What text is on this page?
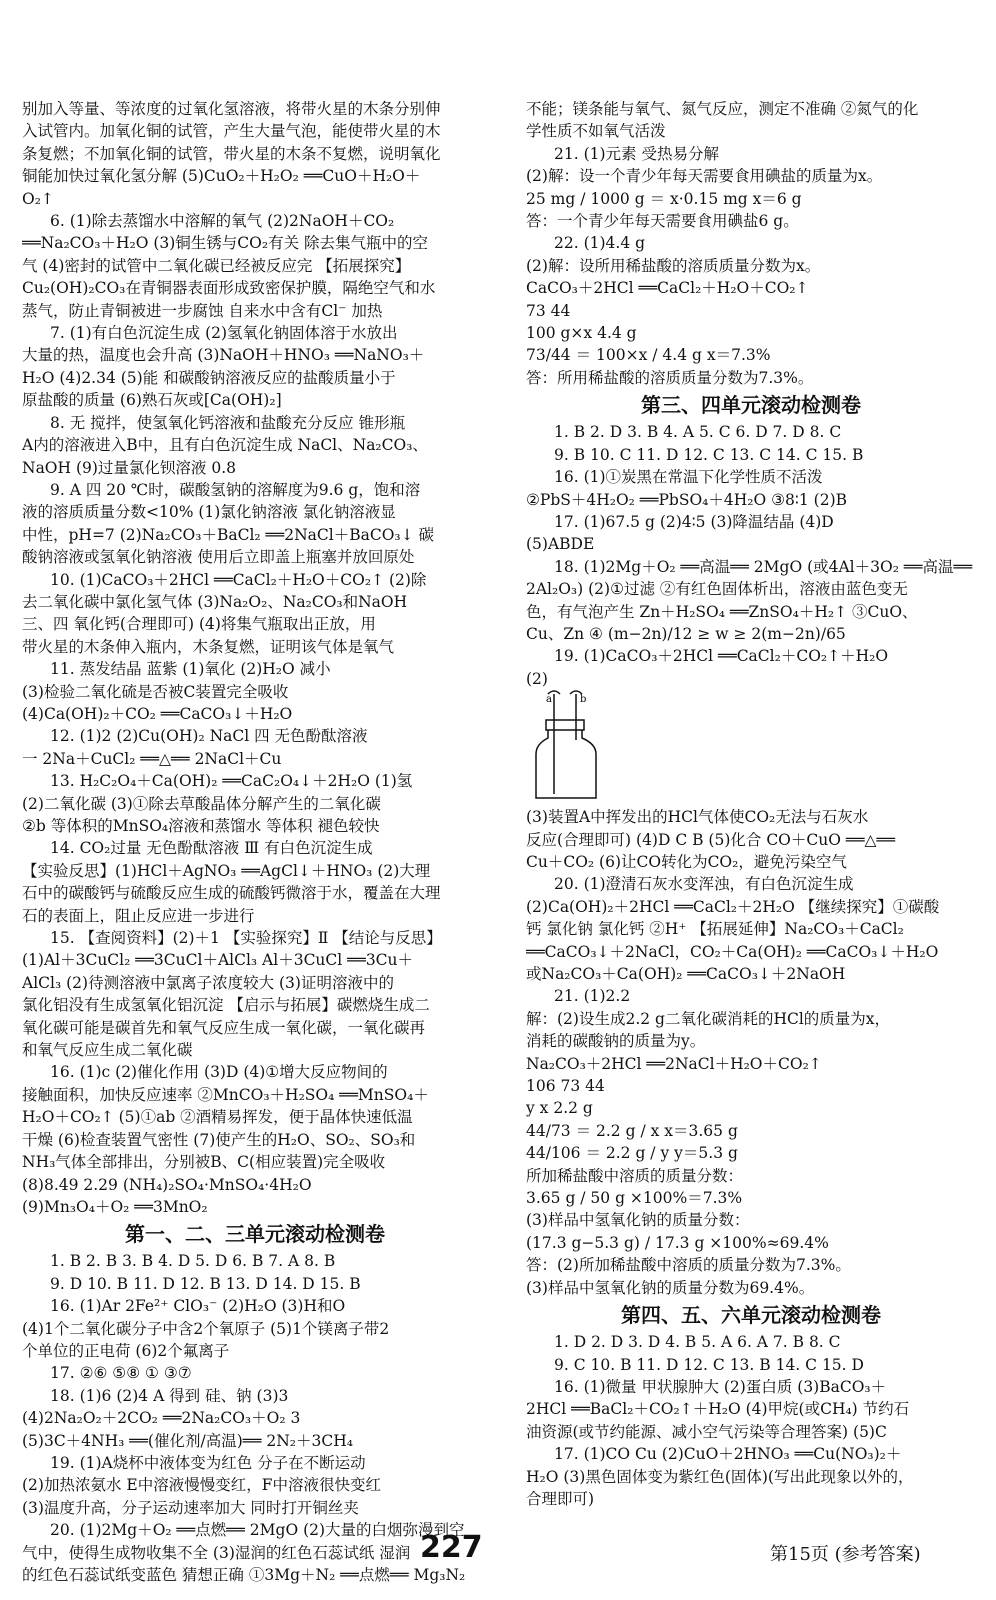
别加入等量、等浓度的过氧化氢溶液，将带火星的木条分别伸
入试管内。加氧化铜的试管，产生大量气泡，能使带火星的木
条复燃；不加氧化铜的试管，带火星的木条不复燃，说明氧化
铜能加快过氧化氢分解 (5)CuO₂＋H₂O₂ ══CuO＋H₂O＋
O₂↑
6. (1)除去蒸馏水中溶解的氧气 (2)2NaOH＋CO₂
══Na₂CO₃＋H₂O (3)铜生锈与CO₂有关 除去集气瓶中的空
气 (4)密封的试管中二氧化碳已经被反应完 【拓展探究】
Cu₂(OH)₂CO₃在青铜器表面形成致密保护膜，隔绝空气和水
蒸气，防止青铜被进一步腐蚀 自来水中含有Cl⁻ 加热
7. (1)有白色沉淀生成 (2)氢氧化钠固体溶于水放出
大量的热，温度也会升高 (3)NaOH＋HNO₃ ══NaNO₃＋
H₂O (4)2.34 (5)能 和碳酸钠溶液反应的盐酸质量小于
原盐酸的质量 (6)熟石灰或[Ca(OH)₂]
8. 无 搅拌，使氢氧化钙溶液和盐酸充分反应 锥形瓶
A内的溶液进入B中，且有白色沉淀生成 NaCl、Na₂CO₃、
NaOH (9)过量氯化钡溶液 0.8
9. A 四 20 ℃时，碳酸氢钠的溶解度为9.6 g，饱和溶
液的溶质质量分数<10% (1)氯化钠溶液 氯化钠溶液显
中性，pH=7 (2)Na₂CO₃＋BaCl₂ ══2NaCl＋BaCO₃↓ 碳
酸钠溶液或氢氧化钠溶液 使用后立即盖上瓶塞并放回原处
10. (1)CaCO₃＋2HCl ══CaCl₂＋H₂O＋CO₂↑ (2)除
去二氧化碳中氯化氢气体 (3)Na₂O₂、Na₂CO₃和NaOH
三、四 氧化钙(合理即可) (4)将集气瓶取出正放，用
带火星的木条伸入瓶内，木条复燃，证明该气体是氧气
11. 蒸发结晶 蓝紫 (1)氧化 (2)H₂O 减小
(3)检验二氧化硫是否被C装置完全吸收
(4)Ca(OH)₂＋CO₂ ══CaCO₃↓＋H₂O
12. (1)2 (2)Cu(OH)₂ NaCl 四 无色酚酞溶液
一 2Na＋CuCl₂ ══△══ 2NaCl＋Cu
13. H₂C₂O₄＋Ca(OH)₂ ══CaC₂O₄↓＋2H₂O (1)氢
(2)二氧化碳 (3)①除去草酸晶体分解产生的二氧化碳
②b 等体积的MnSO₄溶液和蒸馏水 等体积 褪色较快
14. CO₂过量 无色酚酞溶液 Ⅲ 有白色沉淀生成
【实验反思】(1)HCl＋AgNO₃ ══AgCl↓＋HNO₃ (2)大理
石中的碳酸钙与硫酸反应生成的硫酸钙微溶于水，覆盖在大理
石的表面上，阻止反应进一步进行
15. 【查阅资料】(2)＋1 【实验探究】Ⅱ 【结论与反思】
(1)Al＋3CuCl₂ ══3CuCl＋AlCl₃ Al＋3CuCl ══3Cu＋
AlCl₃ (2)待测溶液中氯离子浓度较大 (3)证明溶液中的
氯化铝没有生成氢氧化铝沉淀 【启示与拓展】碳燃烧生成二
氧化碳可能是碳首先和氧气反应生成一氧化碳，一氧化碳再
和氧气反应生成二氧化碳
16. (1)c (2)催化作用 (3)D (4)①增大反应物间的
接触面积，加快反应速率 ②MnCO₃＋H₂SO₄ ══MnSO₄＋
H₂O＋CO₂↑ (5)①ab ②酒精易挥发，便于晶体快速低温
干燥 (6)检查装置气密性 (7)使产生的H₂O、SO₂、SO₃和
NH₃气体全部排出，分别被B、C(相应装置)完全吸收
(8)8.49 2.29 (NH₄)₂SO₄·MnSO₄·4H₂O
(9)Mn₃O₄＋O₂ ══3MnO₂
第一、二、三单元滚动检测卷
1. B 2. B 3. B 4. D 5. D 6. B 7. A 8. B
9. D 10. B 11. D 12. B 13. D 14. D 15. B
16. (1)Ar 2Fe²⁺ ClO₃⁻ (2)H₂O (3)H和O
(4)1个二氧化碳分子中含2个氧原子 (5)1个镁离子带2
个单位的正电荷 (6)2个氟离子
17. ②⑥ ⑤⑧ ① ③⑦
18. (1)6 (2)4 A 得到 硅、钠 (3)3
(4)2Na₂O₂＋2CO₂ ══2Na₂CO₃＋O₂ 3
(5)3C＋4NH₃ ══(催化剂/高温)══ 2N₂＋3CH₄
19. (1)A烧杯中液体变为红色 分子在不断运动
(2)加热浓氨水 E中溶液慢慢变红，F中溶液很快变红
(3)温度升高，分子运动速率加大 同时打开铜丝夹
20. (1)2Mg＋O₂ ══点燃══ 2MgO (2)大量的白烟弥漫到空
气中，使得生成物收集不全 (3)湿润的红色石蕊试纸 湿润
的红色石蕊试纸变蓝色 猜想正确 ①3Mg＋N₂ ══点燃══ Mg₃N₂
不能；镁条能与氧气、氮气反应，测定不准确 ②氮气的化
学性质不如氧气活泼
21. (1)元素 受热易分解
(2)解：设一个青少年每天需要食用碘盐的质量为x。
25 mg / 1000 g ＝ x·0.15 mg x＝6 g
答：一个青少年每天需要食用碘盐6 g。
22. (1)4.4 g
(2)解：设所用稀盐酸的溶质质量分数为x。
CaCO₃＋2HCl ══CaCl₂＋H₂O＋CO₂↑
73 44
100 g×x 4.4 g
73/44 ＝ 100×x / 4.4 g x＝7.3%
答：所用稀盐酸的溶质质量分数为7.3%。
第三、四单元滚动检测卷
1. B 2. D 3. B 4. A 5. C 6. D 7. D 8. C
9. B 10. C 11. D 12. C 13. C 14. C 15. B
16. (1)①炭黑在常温下化学性质不活泼
②PbS＋4H₂O₂ ══PbSO₄＋4H₂O ③8∶1 (2)B
17. (1)67.5 g (2)4∶5 (3)降温结晶 (4)D
(5)ABDE
18. (1)2Mg＋O₂ ══高温══ 2MgO (或4Al＋3O₂ ══高温══
2Al₂O₃) (2)①过滤 ②有红色固体析出，溶液由蓝色变无
色，有气泡产生 Zn＋H₂SO₄ ══ZnSO₄＋H₂↑ ③CuO、
Cu、Zn ④ (m−2n)/12 ≥ w ≥ 2(m−2n)/65
19. (1)CaCO₃＋2HCl ══CaCl₂＋CO₂↑＋H₂O
(2)
a	b
(3)装置A中挥发出的HCl气体使CO₂无法与石灰水
反应(合理即可) (4)D C B (5)化合 CO＋CuO ══△══
Cu＋CO₂ (6)让CO转化为CO₂，避免污染空气
20. (1)澄清石灰水变浑浊，有白色沉淀生成
(2)Ca(OH)₂＋2HCl ══CaCl₂＋2H₂O 【继续探究】①碳酸
钙 氯化钠 氯化钙 ②H⁺ 【拓展延伸】Na₂CO₃＋CaCl₂
══CaCO₃↓＋2NaCl，CO₂＋Ca(OH)₂ ══CaCO₃↓＋H₂O
或Na₂CO₃＋Ca(OH)₂ ══CaCO₃↓＋2NaOH
21. (1)2.2
解：(2)设生成2.2 g二氧化碳消耗的HCl的质量为x，
消耗的碳酸钠的质量为y。
Na₂CO₃＋2HCl ══2NaCl＋H₂O＋CO₂↑
106 73 44
y x 2.2 g
44/73 ＝ 2.2 g / x x＝3.65 g
44/106 ＝ 2.2 g / y y＝5.3 g
所加稀盐酸中溶质的质量分数：
3.65 g / 50 g ×100%＝7.3%
(3)样品中氢氧化钠的质量分数：
(17.3 g−5.3 g) / 17.3 g ×100%≈69.4%
答：(2)所加稀盐酸中溶质的质量分数为7.3%。
(3)样品中氢氧化钠的质量分数为69.4%。
第四、五、六单元滚动检测卷
1. D 2. D 3. D 4. B 5. A 6. A 7. B 8. C
9. C 10. B 11. D 12. C 13. B 14. C 15. D
16. (1)微量 甲状腺肿大 (2)蛋白质 (3)BaCO₃＋
2HCl ══BaCl₂＋CO₂↑＋H₂O (4)甲烷(或CH₄) 节约石
油资源(或节约能源、减小空气污染等合理答案) (5)C
17. (1)CO Cu (2)CuO＋2HNO₃ ══Cu(NO₃)₂＋
H₂O (3)黑色固体变为紫红色(固体)(写出此现象以外的，
合理即可)
227	第15页 (参考答案)
